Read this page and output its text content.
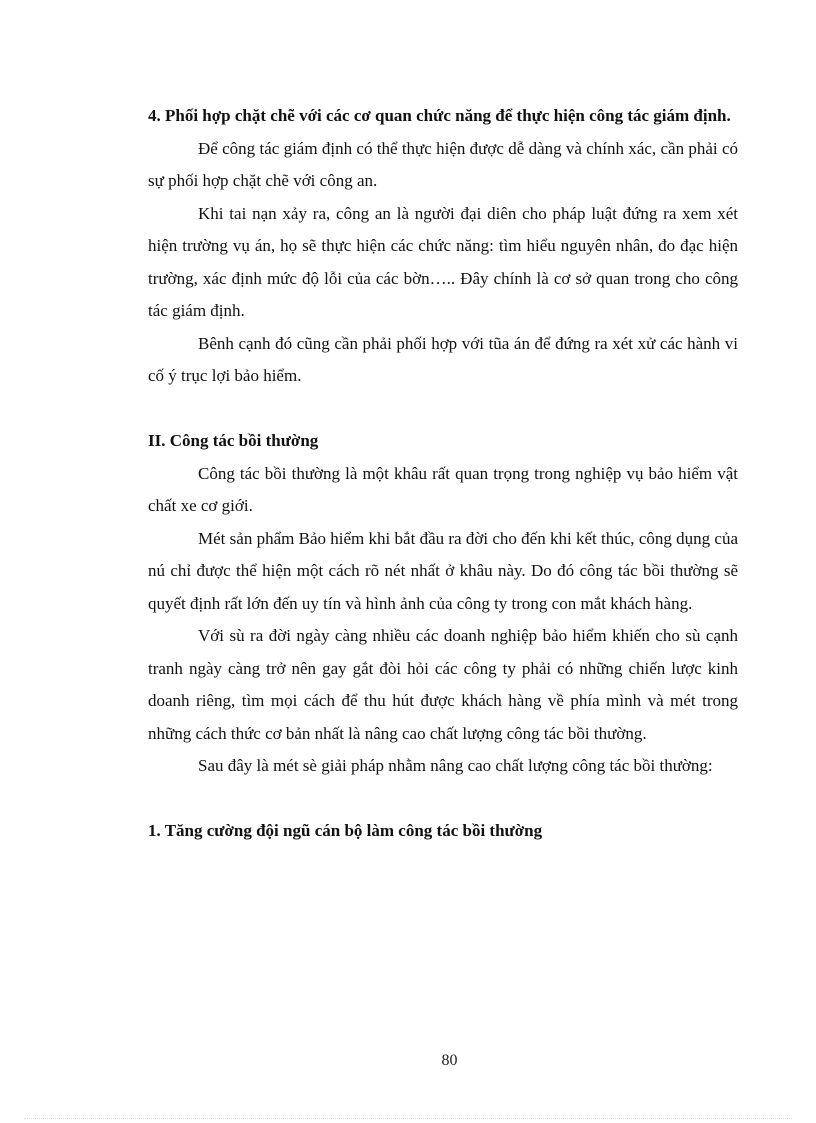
4. Phối hợp chặt chẽ với các cơ quan chức năng để thực hiện công tác giám định.

Để công tác giám định có thể thực hiện được dễ dàng và chính xác, cần phải có sự phối hợp chặt chẽ với công an.

Khi tai nạn xảy ra, công an là người đại diên cho pháp luật đứng ra xem xét hiện trường vụ án, họ sẽ thực hiện các chức năng: tìm hiểu nguyên nhân, đo đạc hiện trường, xác định mức độ lỗi của các bờn….. Đây chính là cơ sở quan trong cho công tác giám định.

Bênh cạnh đó cũng cần phải phối hợp với tũa án để đứng ra xét xử các hành vi cố ý trục lợi bảo hiểm.

II. Công tác bồi thường

Công tác bồi thường là một khâu rất quan trọng trong nghiệp vụ bảo hiểm vật chất xe cơ giới.

Mét sản phẩm Bảo hiểm khi bắt đầu ra đời cho đến khi kết thúc, công dụng của nú chỉ được thể hiện một cách rõ nét nhất ở khâu này. Do đó công tác bồi thường sẽ quyết định rất lớn đến uy tín và hình ảnh của công ty trong con mắt khách hàng.

Với sù ra đời ngày càng nhiều các doanh nghiệp bảo hiểm khiến cho sù cạnh tranh ngày càng trở nên gay gắt đòi hỏi các công ty phải có những chiến lược kinh doanh riêng, tìm mọi cách để thu hút được khách hàng về phía mình và mét trong những cách thức cơ bản nhất là nâng cao chất lượng công tác bồi thường.

Sau đây là mét sè giải pháp nhằm nâng cao chất lượng công tác bồi thường:

1. Tăng cường đội ngũ cán bộ làm công tác bồi thường

80
